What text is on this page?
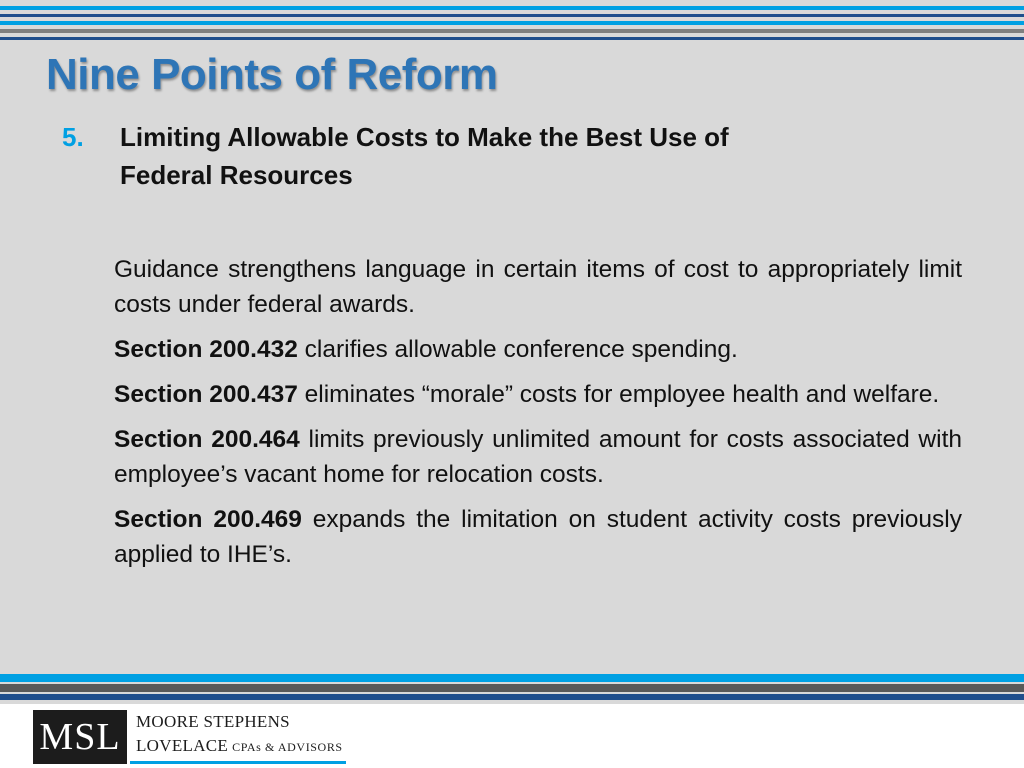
Nine Points of Reform
5. Limiting Allowable Costs to Make the Best Use of
Federal Resources

Guidance strengthens language in certain items of cost to appropriately limit costs under federal awards.

Section 200.432 clarifies allowable conference spending.

Section 200.437 eliminates “morale” costs for employee health and welfare.

Section 200.464 limits previously unlimited amount for costs associated with employee’s vacant home for relocation costs.

Section 200.469 expands the limitation on student activity costs previously applied to IHE’s.

MSL MOORE STEPHENS
LOVELACE CPAs & ADVISORS
